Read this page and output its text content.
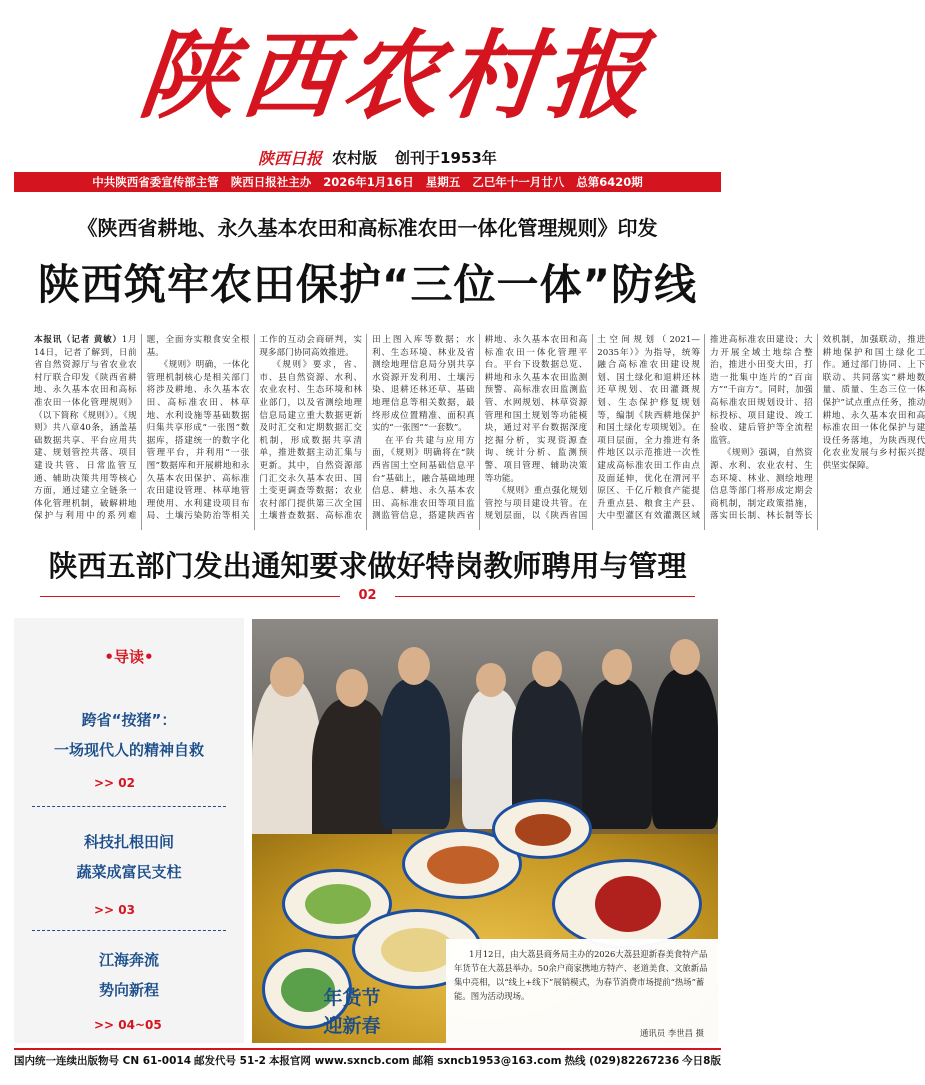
陕西农村报
陕西日报 农村版 创刊于1953年
中共陕西省委宣传部主管 陕西日报社主办 2026年1月16日 星期五 乙巳年十一月廿八 总第6420期
《陕西省耕地、永久基本农田和高标准农田一体化管理规则》印发
陕西筑牢农田保护“三位一体”防线

本报讯（记者 黄敏）1月14日，记者了解到，日前省自然资源厅与省农业农村厅联合印发《陕西省耕地、永久基本农田和高标准农田一体化管理规则》（以下简称《规则》）。《规则》共八章40条，涵盖基础数据共享、平台应用共建、规划管控共落、项目建设共管、日常监管互通、辅助决策共用等核心方面，通过建立全链条一体化管理机制，破解耕地保护与利用中的系列难题，全面夯实粮食安全根基。

《规则》明确，一体化管理机制核心是相关部门将涉及耕地、永久基本农田、高标准农田、林草地、水利设施等基础数据归集共享形成“一张图”数据库，搭建统一的数字化管理平台，并利用“一张图”数据库和开展耕地和永久基本农田保护、高标准农田建设管理、林草地管理使用、水利建设项目布局、土壤污染防治等相关工作的互动会商研判，实现多部门协同高效推进。

《规则》要求，省、市、县自然资源、水利、农业农村、生态环境和林业部门，以及省测绘地理信息局建立重大数据更新及时汇交和定期数据汇交机制，形成数据共享清单，推进数据主动汇集与更新。其中，自然资源部门汇交永久基本农田、国土变更调查等数据；农业农村部门提供第三次全国土壤普查数据、高标准农田上图入库等数据；水利、生态环境、林业及省测绘地理信息局分别共享水资源开发利用、土壤污染、退耕还林还草、基础地理信息等相关数据，最终形成位置精准、面积真实的“一张图”“一套数”。

在平台共建与应用方面，《规则》明确将在“陕西省国土空间基础信息平台”基础上，融合基础地理信息、耕地、永久基本农田、高标准农田等项目监测监管信息，搭建陕西省耕地、永久基本农田和高标准农田一体化管理平台。平台下设数据总览、耕地和永久基本农田监测预警、高标准农田监测监管、水网规划、林草资源管理和国土规划等功能模块，通过对平台数据深度挖掘分析，实现资源查询、统计分析、监测预警、项目管理、辅助决策等功能。

《规则》重点强化规划管控与项目建设共管。在规划层面，以《陕西省国土空间规划（2021—2035年）》为指导，统筹融合高标准农田建设规划、国土绿化和退耕还林还草规划、农田灌溉规划、生态保护修复规划等，编制《陕西耕地保护和国土绿化专项规划》。在项目层面，全力推进有条件地区以示范推进一次性建成高标准农田工作由点及面延伸，优化在渭河平原区、千亿斤粮食产能提升重点县、粮食主产县、大中型灌区有效灌溉区域推进高标准农田建设；大力开展全域土地综合整治，推进小田变大田，打造一批集中连片的“百亩方”“千亩方”。同时，加强高标准农田规划设计、招标投标、项目建设、竣工验收、建后管护等全流程监管。

《规则》强调，自然资源、水利、农业农村、生态环境、林业、测绘地理信息等部门将形成定期会商机制，制定政策措施，落实田长制、林长制等长效机制，加强联动，推进耕地保护和国土绿化工作。通过部门协同、上下联动、共同落实“耕地数量、质量、生态三位一体保护”试点重点任务，推动耕地、永久基本农田和高标准农田一体化保护与建设任务落地，为陕西现代化农业发展与乡村振兴提供坚实保障。

陕西五部门发出通知要求做好特岗教师聘用与管理
02
•导读•
跨省“按猪”：
一场现代人的精神自救
>> 02
科技扎根田间
蔬菜成富民支柱
>> 03
江海奔流
势向新程
>> 04~05
1月12日，由大荔县商务局主办的2026大荔县迎新春美食特产品年货节在大荔县举办。50余户商家携地方特产、老道美食、文旅新品集中亮相，以“线上+线下”展销模式，为春节消费市场提前“热场”蓄能。图为活动现场。
通讯员 李世昌 摄
年货节
迎新春
国内统一连续出版物号 CN 61-0014 邮发代号 51-2 本报官网 www.sxncb.com 邮箱 sxncb1953@163.com 热线 (029)82267236 今日8版
